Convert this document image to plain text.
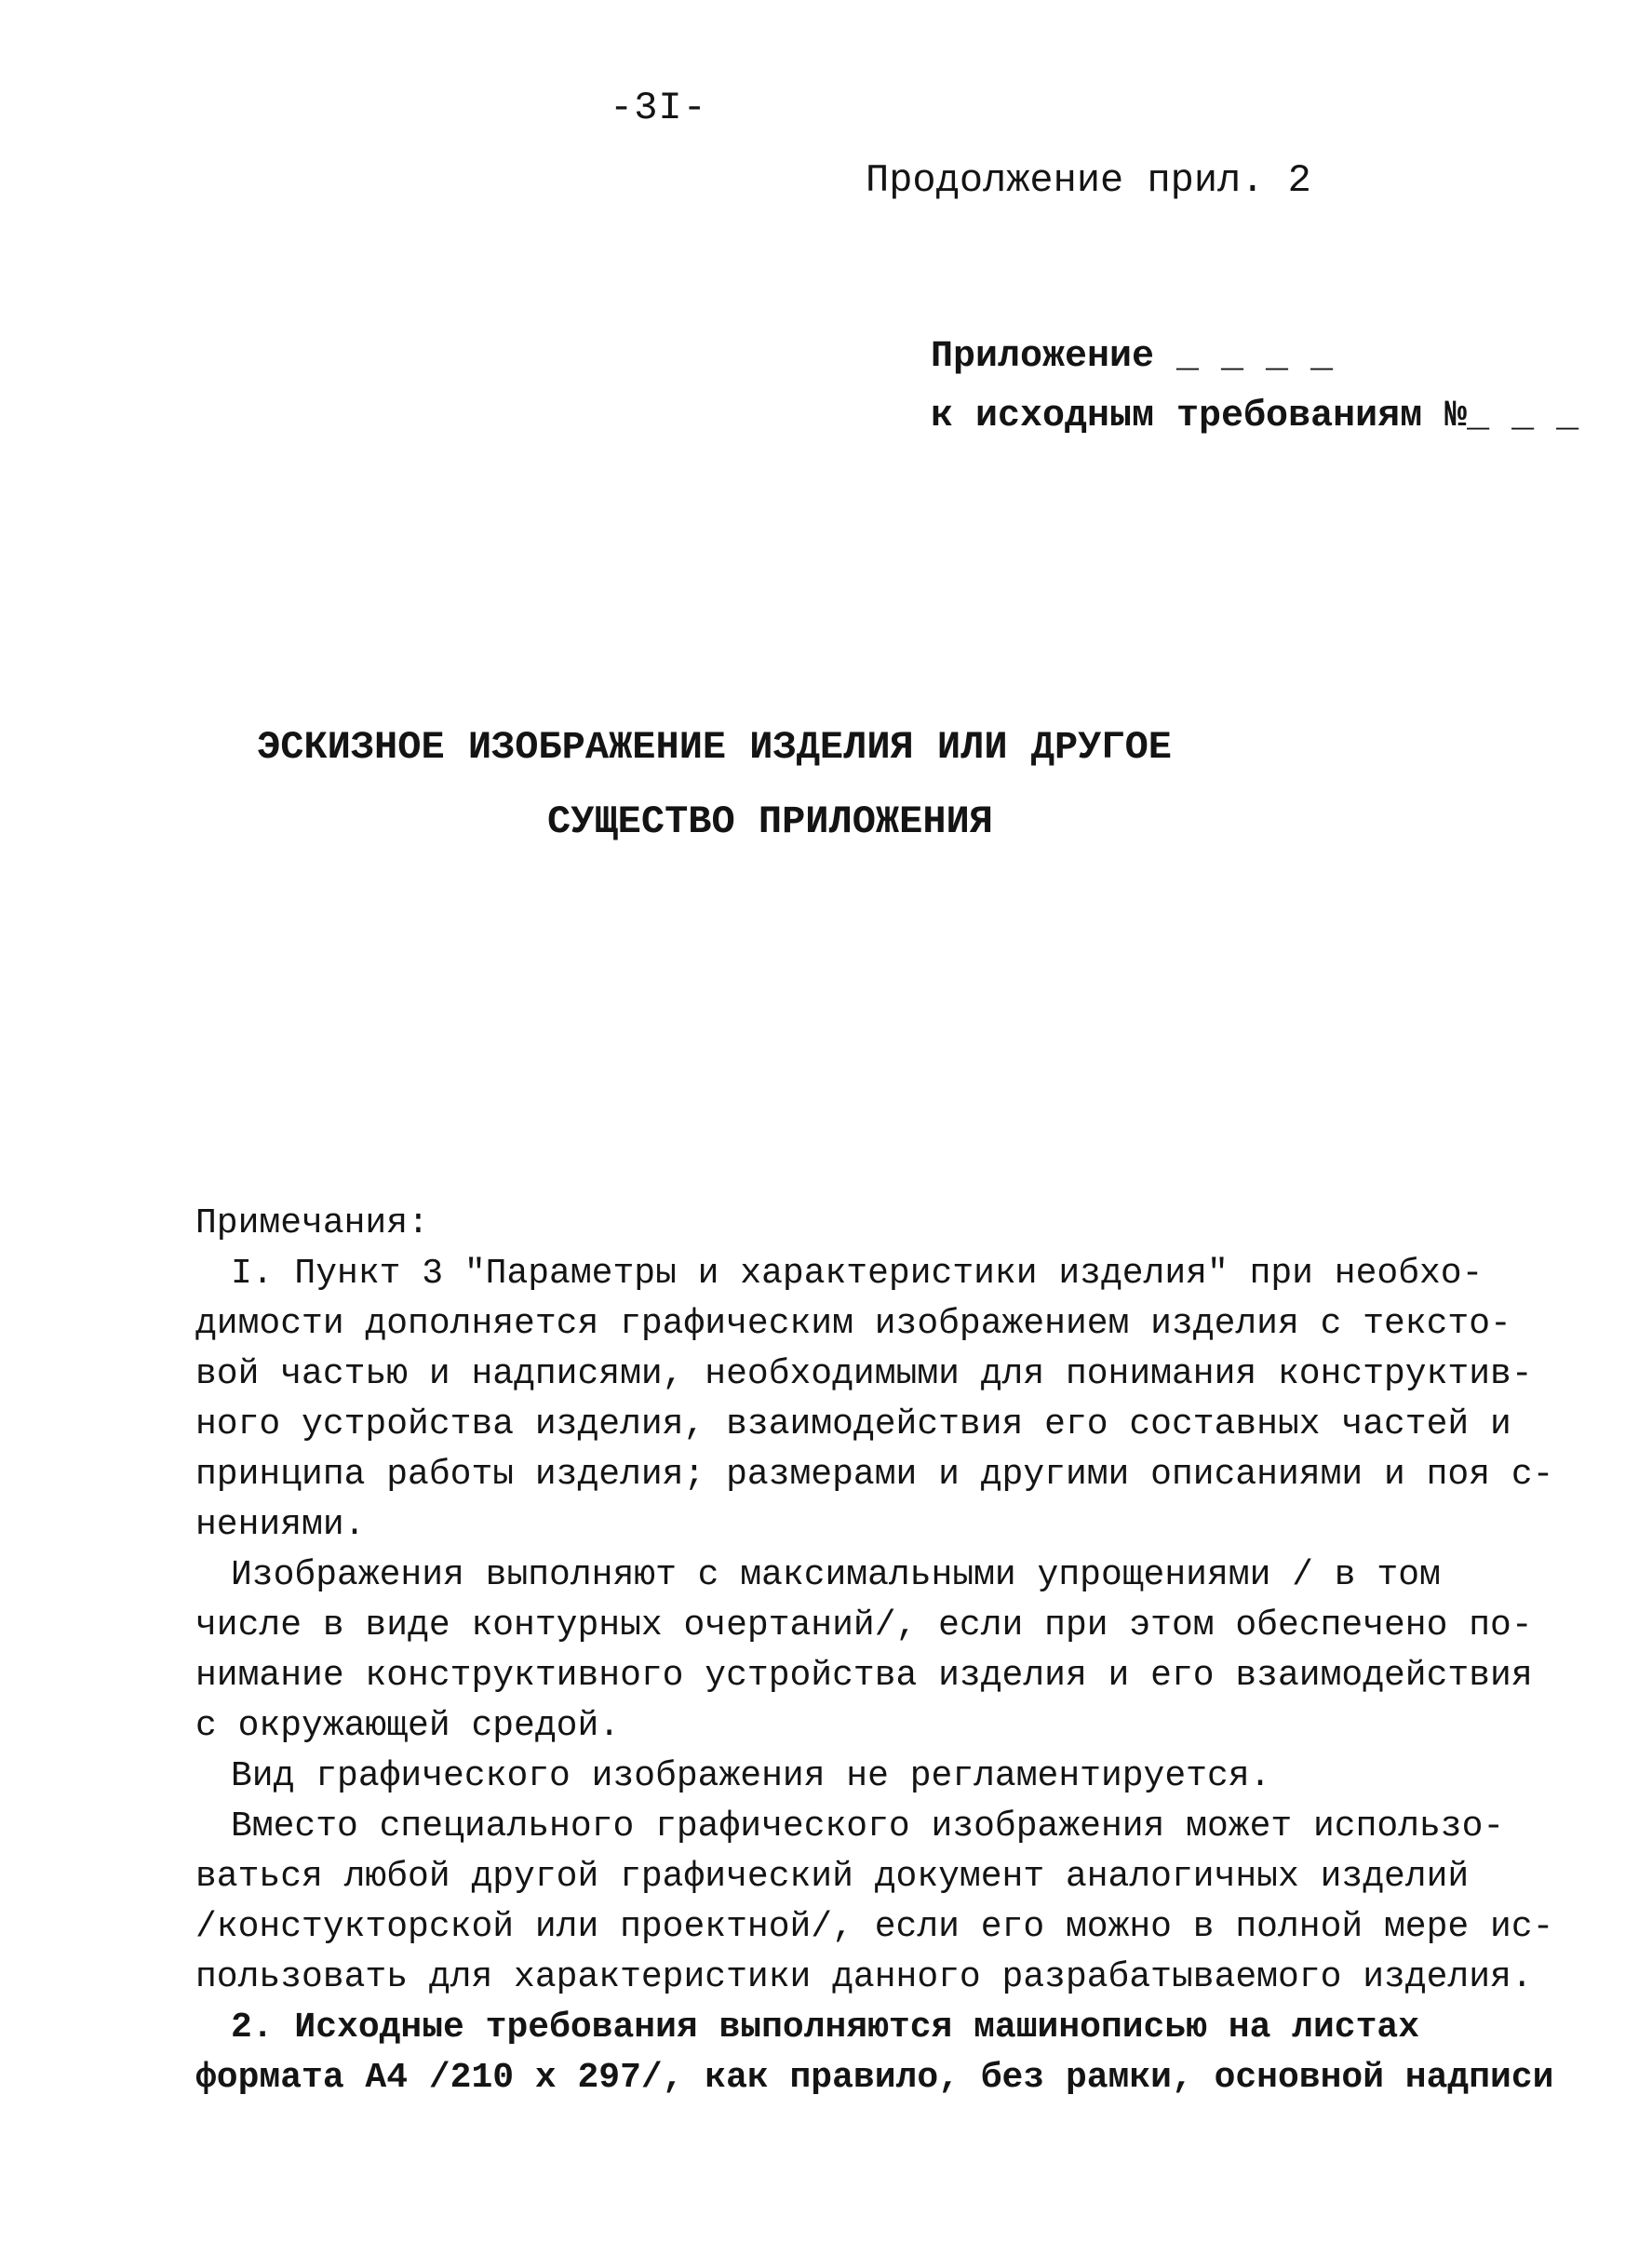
-3I-
Продолжение прил. 2
Приложение _ _ _ _
к исходным требованиям №_ _ _
ЭСКИЗНОЕ ИЗОБРАЖЕНИЕ ИЗДЕЛИЯ ИЛИ ДРУГОЕ
СУЩЕСТВО ПРИЛОЖЕНИЯ
Примечания:
I. Пункт 3 "Параметры и характеристики изделия" при необхо-
димости дополняется графическим изображением изделия с тексто-
вой частью и надписями, необходимыми для понимания конструктив-
ного устройства изделия, взаимодействия его составных частей и
принципа работы изделия; размерами и другими описаниями и поя с-
нениями.
Изображения выполняют с максимальными упрощениями / в том
числе в виде контурных очертаний/, если при этом обеспечено по-
нимание конструктивного устройства изделия и его взаимодействия
с окружающей средой.
Вид графического изображения не регламентируется.
Вместо специального графического изображения может использо-
ваться любой другой графический документ аналогичных изделий
/констукторской или проектной/, если его можно в полной мере ис-
пользовать для характеристики данного разрабатываемого изделия.
2. Исходные требования выполняются машинописью на листах
формата А4 /210 х 297/, как правило, без рамки, основной надписи
